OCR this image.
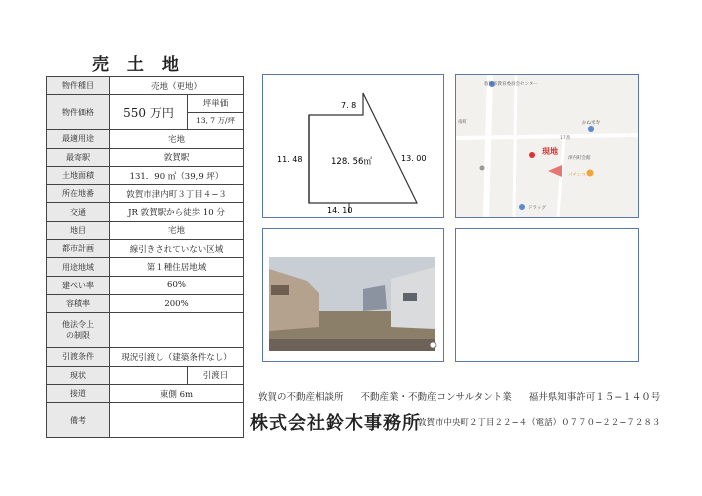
売 土 地
物件種目	売地（更地）	
物件価格	550 万円	坪単価
13, 7 万/坪

最適用途	宅地	
最寄駅	敦賀駅	
土地面積	131．90 ㎡（39,9 坪）	
所在地番	敦賀市津内町３丁目４−３	
交通	JR 敦賀駅から徒歩 10 分	
地目	宅地	
都市計画	線引きされていない区域	
用途地域	第１種住居地域	
建ぺい率	60%	
容積率	200%	

他法令上
の制限		

引渡条件	現況引渡し（建築条件なし）	
現状		引渡日
接道	東側 6m	
備考		
7. 8
11. 48	13. 00
14. 10
128. 56㎡
敦賀市教育委員会センター
かね米寿
津内町会館
17番
南町
現地
パチンコ
ドラッグ
敦賀の不動産相談所 不動産業・不動産コンサルタント業 福井県知事許可１５−１４０号
株式会社鈴木事務所
敦賀市中央町２丁目２２−４（電話）０７７０−２２−７２８３
